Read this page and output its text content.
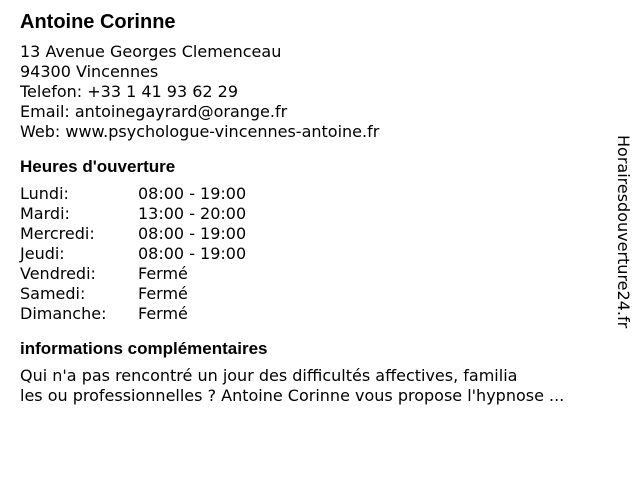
Antoine Corinne
13 Avenue Georges Clemenceau
94300 Vincennes
Telefon: +33 1 41 93 62 29
Email: antoinegayrard@orange.fr
Web: www.psychologue-vincennes-antoine.fr
Heures d'ouverture
Lundi:	08:00 - 19:00
Mardi:	13:00 - 20:00
Mercredi:	08:00 - 19:00
Jeudi:	08:00 - 19:00
Vendredi:	Fermé
Samedi:	Fermé
Dimanche:	Fermé
informations complémentaires
Qui n'a pas rencontré un jour des difficultés affectives, familia
les ou professionnelles ? Antoine Corinne vous propose l'hypnose ...
Horairesdouverture24.fr
